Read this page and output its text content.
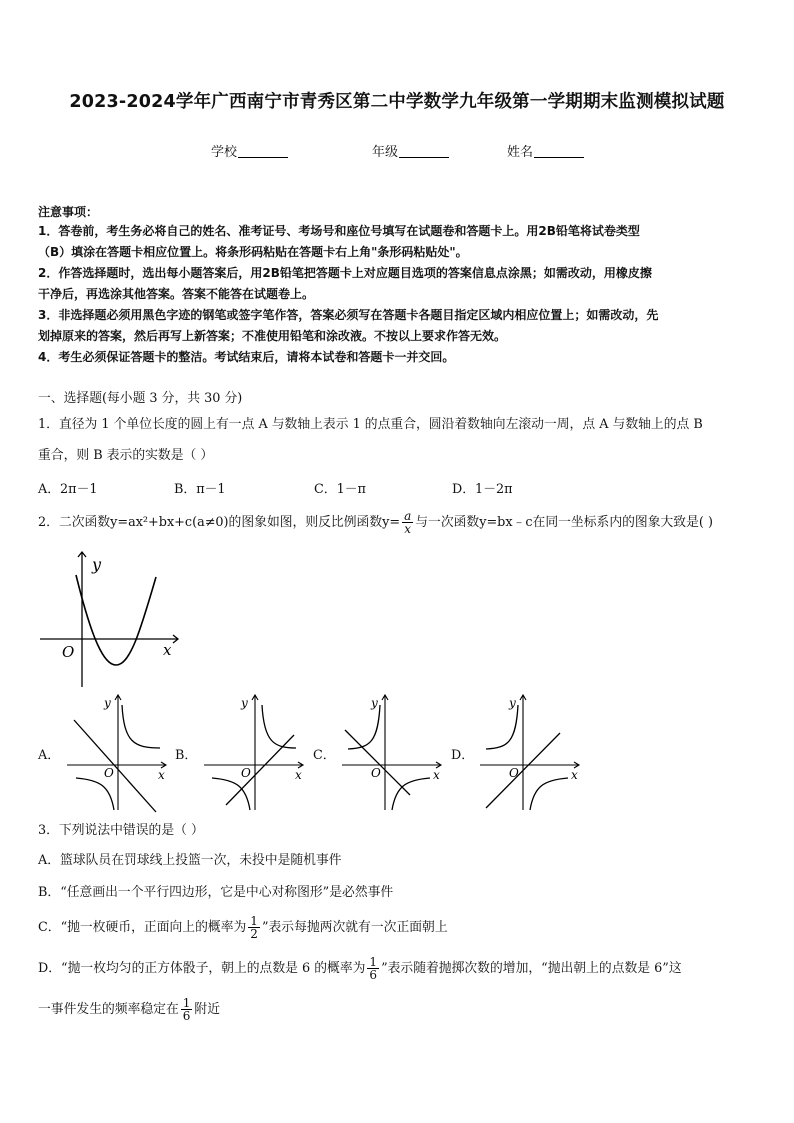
2023-2024学年广西南宁市青秀区第二中学数学九年级第一学期期末监测模拟试题
学校	年级	姓名

注意事项：

1．答卷前，考生务必将自己的姓名、准考证号、考场号和座位号填写在试题卷和答题卡上。用2B铅笔将试卷类型

（B）填涂在答题卡相应位置上。将条形码粘贴在答题卡右上角"条形码粘贴处"。

2．作答选择题时，选出每小题答案后，用2B铅笔把答题卡上对应题目选项的答案信息点涂黑；如需改动，用橡皮擦

干净后，再选涂其他答案。答案不能答在试题卷上。

3．非选择题必须用黑色字迹的钢笔或签字笔作答，答案必须写在答题卡各题目指定区域内相应位置上；如需改动，先

划掉原来的答案，然后再写上新答案；不准使用铅笔和涂改液。不按以上要求作答无效。

4．考生必须保证答题卡的整洁。考试结束后，请将本试卷和答题卡一并交回。

一、选择题(每小题 3 分，共 30 分)

1．直径为 1 个单位长度的圆上有一点 A 与数轴上表示 1 的点重合，圆沿着数轴向左滚动一周，点 A 与数轴上的点 B

重合，则 B 表示的实数是（ ）

A．2π－1	B．π－1	C．1－π	D．1－2π
2．二次函数y=ax²+bx+c(a≠0)的图象如图，则反比例函数$y= \frac{a}{x}$ 与一次函数y=bx﹣c在同一坐标系内的图象大致是( )
y
O	x
y
O	x
y
O	x
y
O	x
y
O	x
A．	B．	C．	D．

3．下列说法中错误的是（ ）

A．篮球队员在罚球线上投篮一次，未投中是随机事件

B．“任意画出一个平行四边形，它是中心对称图形”是必然事件

C．“抛一枚硬币，正面向上的概率为 $\frac{1}{2}$ ”表示每抛两次就有一次正面朝上
D．“抛一枚均匀的正方体骰子，朝上的点数是 6 的概率为 $\frac{1}{6}$ ”表示随着抛掷次数的增加，“抛出朝上的点数是 6”这
一事件发生的频率稳定在 $\frac{1}{6}$ 附近
